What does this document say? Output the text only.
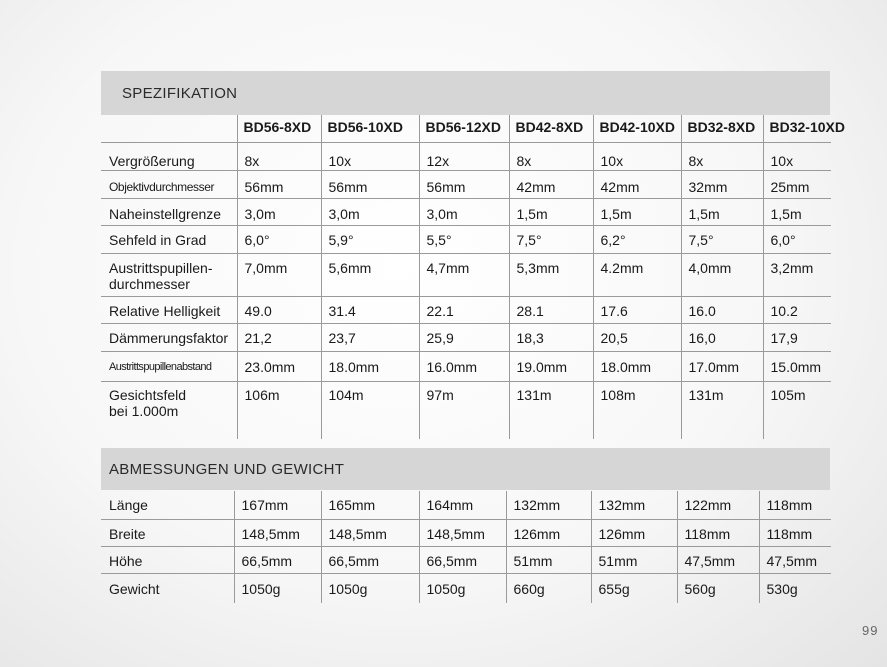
SPEZIFIKATION
	BD56-8XD	BD56-10XD	BD56-12XD	BD42-8XD	BD42-10XD	BD32-8XD	BD32-10XD
Vergrößerung	8x	10x	12x	8x	10x	8x	10x
Objektivdurchmesser	56mm	56mm	56mm	42mm	42mm	32mm	25mm
Naheinstellgrenze	3,0m	3,0m	3,0m	1,5m	1,5m	1,5m	1,5m
Sehfeld in Grad	6,0°	5,9°	5,5°	7,5°	6,2°	7,5°	6,0°

Austrittspupillen-
durchmesser	7,0mm	5,6mm	4,7mm	5,3mm	4.2mm	4,0mm	3,2mm
Relative Helligkeit	49.0	31.4	22.1	28.1	17.6	16.0	10.2
Dämmerungsfaktor	21,2	23,7	25,9	18,3	20,5	16,0	17,9
Austrittspupillenabstand	23.0mm	18.0mm	16.0mm	19.0mm	18.0mm	17.0mm	15.0mm

Gesichtsfeld
bei 1.000m	106m	104m	97m	131m	108m	131m	105m
ABMESSUNGEN UND GEWICHT
Länge	167mm	165mm	164mm	132mm	132mm	122mm	118mm
Breite	148,5mm	148,5mm	148,5mm	126mm	126mm	118mm	118mm
Höhe	66,5mm	66,5mm	66,5mm	51mm	51mm	47,5mm	47,5mm
Gewicht	1050g	1050g	1050g	660g	655g	560g	530g
99
